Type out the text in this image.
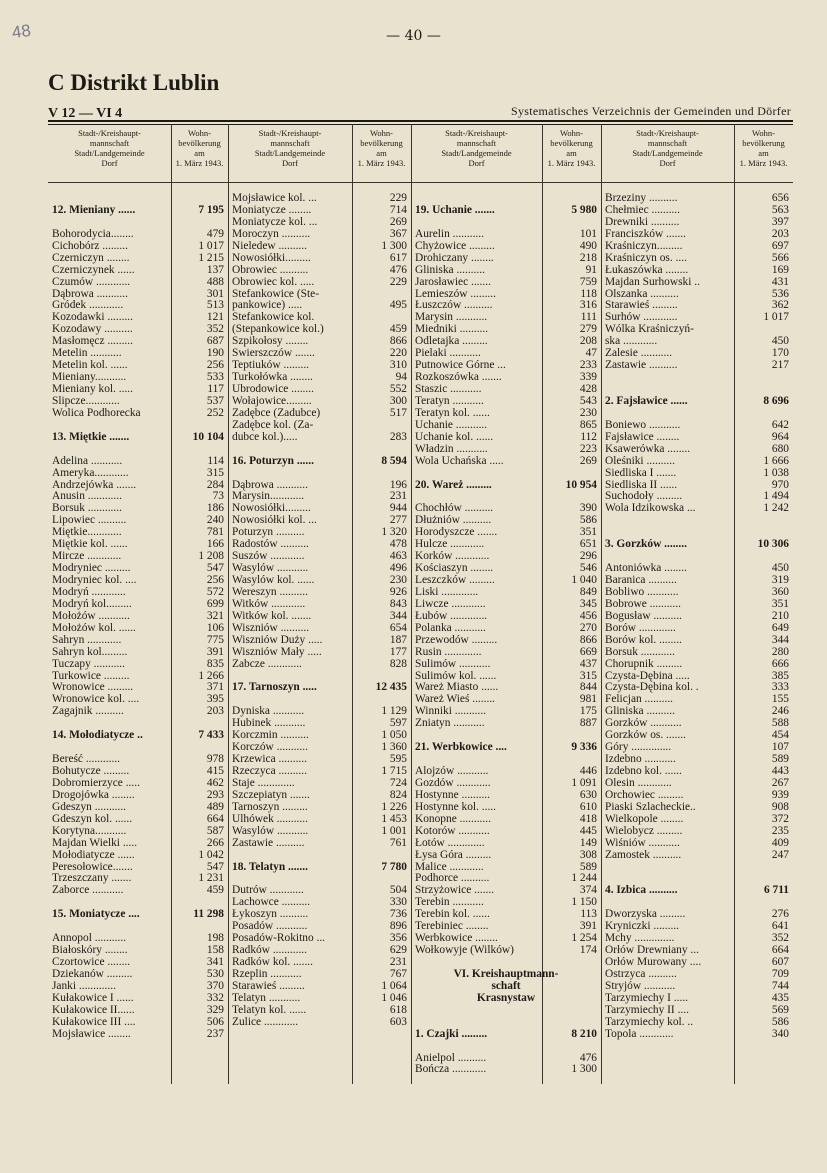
48	— 40 —
C Distrikt Lublin
V 12 — VI 4	Systematisches Verzeichnis der Gemeinden und Dörfer
Stadt-/Kreishaupt-
mannschaft
Stadt/Landgemeinde
Dorf
Wohn-
bevölkerung
am
1. März 1943.
12. Mieniany ......	7 195
Bohorodycia........	479
Cichobórz .........	1 017
Czerniczyn ........	1 215
Czerniczynek ......	137
Czumów ............	488
Dąbrowa ...........	301
Gródek ............	513
Kozodawki .........	121
Kozodawy ..........	352
Masłomęcz .........	687
Metelin ...........	190
Metelin kol. ......	256
Mieniany...........	533
Mieniany kol. .....	117
Ślipcze............	537
Wolica Podhorecka	252
13. Miętkie .......	10 104
Adelina ...........	114
Ameryka............	315
Andrzejówka .......	284
Anusin ............	73
Borsuk ............	186
Lipowiec ..........	240
Miętkie............	781
Miętkie kol. ......	166
Mircze ............	1 208
Modryniec .........	547
Modryniec kol. ....	256
Modryń ............	572
Modryń kol.........	699
Mołożów ...........	321
Mołożów kol. ......	106
Sahryn ............	775
Sahryn kol.........	391
Tuczapy ...........	835
Turkowice .........	1 266
Wronowice .........	371
Wronowice kol. ....	395
Zagajnik ..........	203
14. Mołodiatycze ..	7 433
Bereść ............	978
Bohutycze .........	415
Dobromierzyce .....	462
Drogojówka ........	293
Gdeszyn ...........	489
Gdeszyn kol. ......	664
Korytyna...........	587
Majdan Wielki .....	266
Mołodiatycze ......	1 042
Peresołowice.......	547
Trzeszczany .......	1 231
Żaborce ...........	459
15. Moniatycze ....	11 298
Annopol ...........	198
Białoskóry ........	158
Czortowice ........	341
Dziekanów .........	530
Janki .............	370
Kułakowice I ......	332
Kułakowice II......	329
Kułakowice III ....	506
Mojsławice ........	237
Stadt-/Kreishaupt-
mannschaft
Stadt/Landgemeinde
Dorf
Wohn-
bevölkerung
am
1. März 1943.
Mojsławice kol. ...	229
Moniatycze ........	714
Moniatycze kol. ...	269
Moroczyn ..........	367
Nieledew ..........	1 300
Nowosiółki.........	617
Obrowiec ..........	476
Obrowiec kol. .....	229
Stefankowice (Ste-
pankowice) .....	495
Stefankowice kol.
(Stepankowice kol.)	459
Szpikołosy ........	866
Świerszczów .......	220
Teptiuków .........	310
Turkołówka ........	94
Ubrodowice ........	552
Wołajowice.........	300
Zadębce (Zadubce)	517
Zadębce kol. (Za-
dubce kol.).....	283
16. Poturzyn ......	8 594
Dąbrowa ...........	196
Marysin............	231
Nowosiółki.........	944
Nowosiółki kol. ...	277
Poturzyn ..........	1 320
Radostów ..........	478
Suszów ............	463
Wasylów ...........	496
Wasylów kol. ......	230
Wereszyn ..........	926
Witków ............	843
Witków kol. .......	344
Wiszniów ..........	654
Wiszniów Duży .....	187
Wiszniów Mały .....	177
Żabcze ............	828
17. Tarnoszyn .....	12 435
Dyniska ...........	1 129
Hubinek ...........	597
Korczmin ..........	1 050
Korczów ...........	1 360
Krzewica ..........	595
Rzeczyca ..........	1 715
Staje .............	724
Szczepiatyn .......	824
Tarnoszyn .........	1 226
Ulhówek ...........	1 453
Wasylów ...........	1 001
Zastawie ..........	761
18. Telatyn .......	7 780
Dutrów ............	504
Lachowce ..........	330
Łykoszyn ..........	736
Posadów ...........	896
Posadów-Rokitno ...	356
Radków ............	629
Radków kol. .......	231
Rzeplin ...........	767
Starawieś .........	1 064
Telatyn ...........	1 046
Telatyn kol. ......	618
Żulice ............	603
Stadt-/Kreishaupt-
mannschaft
Stadt/Landgemeinde
Dorf
Wohn-
bevölkerung
am
1. März 1943.
19. Uchanie .......	5 980
Aurelin ...........	101
Chyżowice .........	490
Drohiczany ........	218
Gliniska ..........	91
Jarosławiec .......	759
Lemieszów .........	118
Łuszczów ..........	316
Marysin ...........	111
Miedniki ..........	279
Odletajka .........	208
Pielaki ...........	47
Putnowice Górne ...	233
Rozkoszówka .......	339
Staszic ...........	428
Teratyn ...........	543
Teratyn kol. ......	230
Uchanie ...........	865
Uchanie kol. ......	112
Władzin ...........	223
Wola Uchańska .....	269
20. Wareż .........	10 954
Chochłów ..........	390
Dłużniów ..........	586
Horodyszcze .......	351
Hulcze ............	651
Korków ............	296
Kościaszyn ........	546
Leszczków .........	1 040
Liski .............	849
Liwcze ............	345
Łubów .............	456
Polanka ...........	270
Przewodów .........	866
Rusin .............	669
Sulimów ...........	437
Sulimów kol. ......	315
Wareż Miasto ......	844
Wareż Wieś ........	981
Winniki ...........	175
Żniatyn ...........	887
21. Werbkowice ....	9 336
Alojzów ...........	446
Gozdów ............	1 091
Hostynne ..........	630
Hostynne kol. .....	610
Konopne ...........	418
Kotorów ...........	445
Łotów .............	149
Łysa Góra .........	308
Malice ............	589
Podhorce ..........	1 244
Strzyżowice .......	374
Terebin ...........	1 150
Terebin kol. ......	113
Terebiniec ........	391
Werbkowice ........	1 254
Wołkowyje (Wilków)	174
VI. Kreishauptmann-
schaft
Krasnystaw
1. Czajki .........	8 210
Anielpol ..........	476
Bończa ............	1 300
Stadt-/Kreishaupt-
mannschaft
Stadt/Landgemeinde
Dorf
Wohn-
bevölkerung
am
1. März 1943.
Brzeziny ..........	656
Chełmiec ..........	563
Drewniki ..........	397
Franciszków .......	203
Kraśniczyn.........	697
Kraśniczyn os. ....	566
Łukaszówka ........	169
Majdan Surhowski ..	431
Olszanka ..........	536
Starawieś .........	362
Surhów ............	1 017
Wólka Kraśniczyń-
ska ............	450
Zalesie ...........	170
Zastawie ..........	217
2. Fajsławice ......	8 696
Boniewo ...........	642
Fajsławice ........	964
Ksawerówka ........	680
Oleśniki ..........	1 666
Siedliska I .......	1 038
Siedliska II ......	970
Suchodoły .........	1 494
Wola Idzikowska ...	1 242
3. Gorzków ........	10 306
Antoniówka ........	450
Baranica ..........	319
Bobliwo ...........	360
Bobrowe ...........	351
Bogusław ..........	210
Borów .............	649
Borów kol. ........	344
Borsuk ............	280
Chorupnik .........	666
Czysta-Dębina .....	385
Czysta-Dębina kol. .	333
Felicjan ..........	155
Gliniska ..........	246
Gorzków ...........	588
Gorzków os. .......	454
Góry ..............	107
Izdebno ...........	589
Izdebno kol. ......	443
Olesin ............	267
Orchowiec .........	939
Piaski Szlacheckie..	908
Wielkopole ........	372
Wielobycz .........	235
Wiśniów ...........	409
Zamostek ..........	247
4. Izbica ..........	6 711
Dworzyska .........	276
Kryniczki .........	641
Mchy ..............	352
Orłów Drewniany ...	664
Orłów Murowany ....	607
Ostrzyca ..........	709
Stryjów ...........	744
Tarzymiechy I .....	435
Tarzymiechy II ....	569
Tarzymiechy kol. ..	586
Topola ............	340
